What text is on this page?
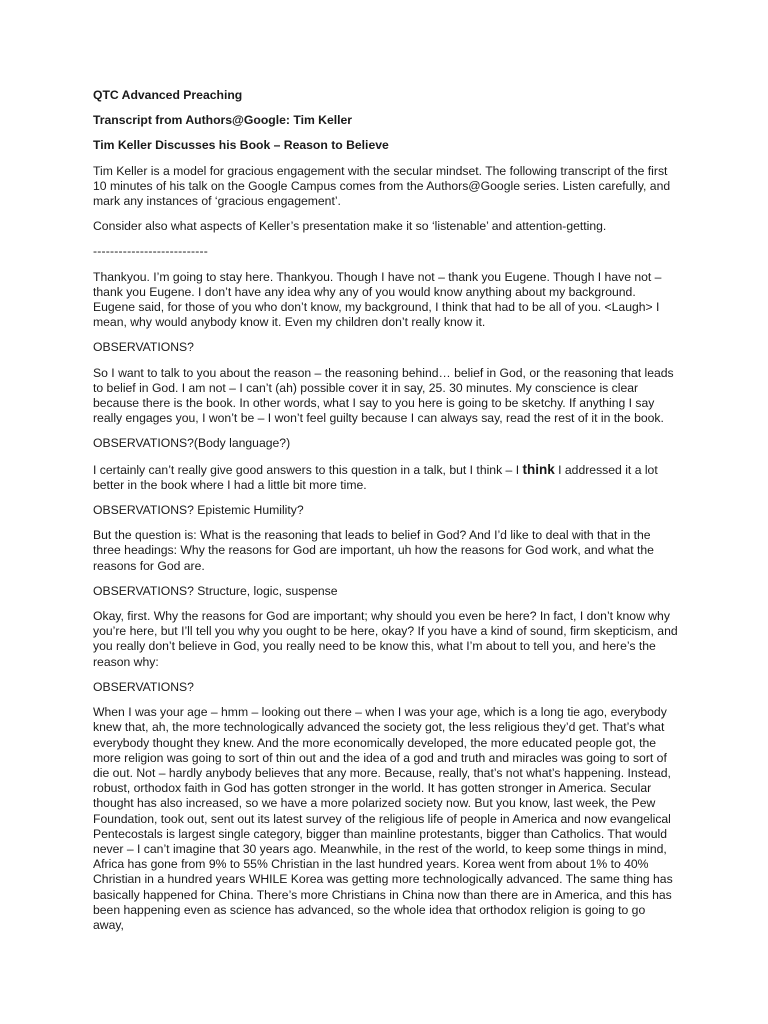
QTC Advanced Preaching

Transcript from Authors@Google: Tim Keller

Tim Keller Discusses his Book – Reason to Believe

Tim Keller is a model for gracious engagement with the secular mindset. The following transcript of the first 10 minutes of his talk on the Google Campus comes from the Authors@Google series. Listen carefully, and mark any instances of ‘gracious engagement’.

Consider also what aspects of Keller’s presentation make it so ‘listenable’ and attention-getting.

---------------------------

Thankyou. I’m going to stay here. Thankyou. Though I have not – thank you Eugene. Though I have not – thank you Eugene. I don’t have any idea why any of you would know anything about my background. Eugene said, for those of you who don’t know, my background, I think that had to be all of you. <Laugh> I mean, why would anybody know it. Even my children don’t really know it.

OBSERVATIONS?

So I want to talk to you about the reason – the reasoning behind… belief in God, or the reasoning that leads to belief in God. I am not – I can’t (ah) possible cover it in say, 25. 30 minutes. My conscience is clear because there is the book. In other words, what I say to you here is going to be sketchy. If anything I say really engages you, I won’t be – I won’t feel guilty because I can always say, read the rest of it in the book.

OBSERVATIONS?(Body language?)

I certainly can’t really give good answers to this question in a talk, but I think – I think I addressed it a lot better in the book where I had a little bit more time.

OBSERVATIONS? Epistemic Humility?

But the question is: What is the reasoning that leads to belief in God? And I’d like to deal with that in the three headings: Why the reasons for God are important, uh how the reasons for God work, and what the reasons for God are.

OBSERVATIONS? Structure, logic, suspense

Okay, first. Why the reasons for God are important; why should you even be here? In fact, I don’t know why you’re here, but I’ll tell you why you ought to be here, okay? If you have a kind of sound, firm skepticism, and you really don’t believe in God, you really need to be know this, what I’m about to tell you, and here’s the reason why:

OBSERVATIONS?

When I was your age – hmm – looking out there – when I was your age, which is a long tie ago, everybody knew that, ah, the more technologically advanced the society got, the less religious they’d get. That’s what everybody thought they knew. And the more economically developed, the more educated people got, the more religion was going to sort of thin out and the idea of a god and truth and miracles was going to sort of die out. Not – hardly anybody believes that any more. Because, really, that’s not what’s happening. Instead, robust, orthodox faith in God has gotten stronger in the world. It has gotten stronger in America. Secular thought has also increased, so we have a more polarized society now. But you know, last week, the Pew Foundation, took out, sent out its latest survey of the religious life of people in America and now evangelical Pentecostals is largest single category, bigger than mainline protestants, bigger than Catholics. That would never – I can’t imagine that 30 years ago. Meanwhile, in the rest of the world, to keep some things in mind, Africa has gone from 9% to 55% Christian in the last hundred years. Korea went from about 1% to 40% Christian in a hundred years WHILE Korea was getting more technologically advanced. The same thing has basically happened for China. There’s more Christians in China now than there are in America, and this has been happening even as science has advanced, so the whole idea that orthodox religion is going to go away,
